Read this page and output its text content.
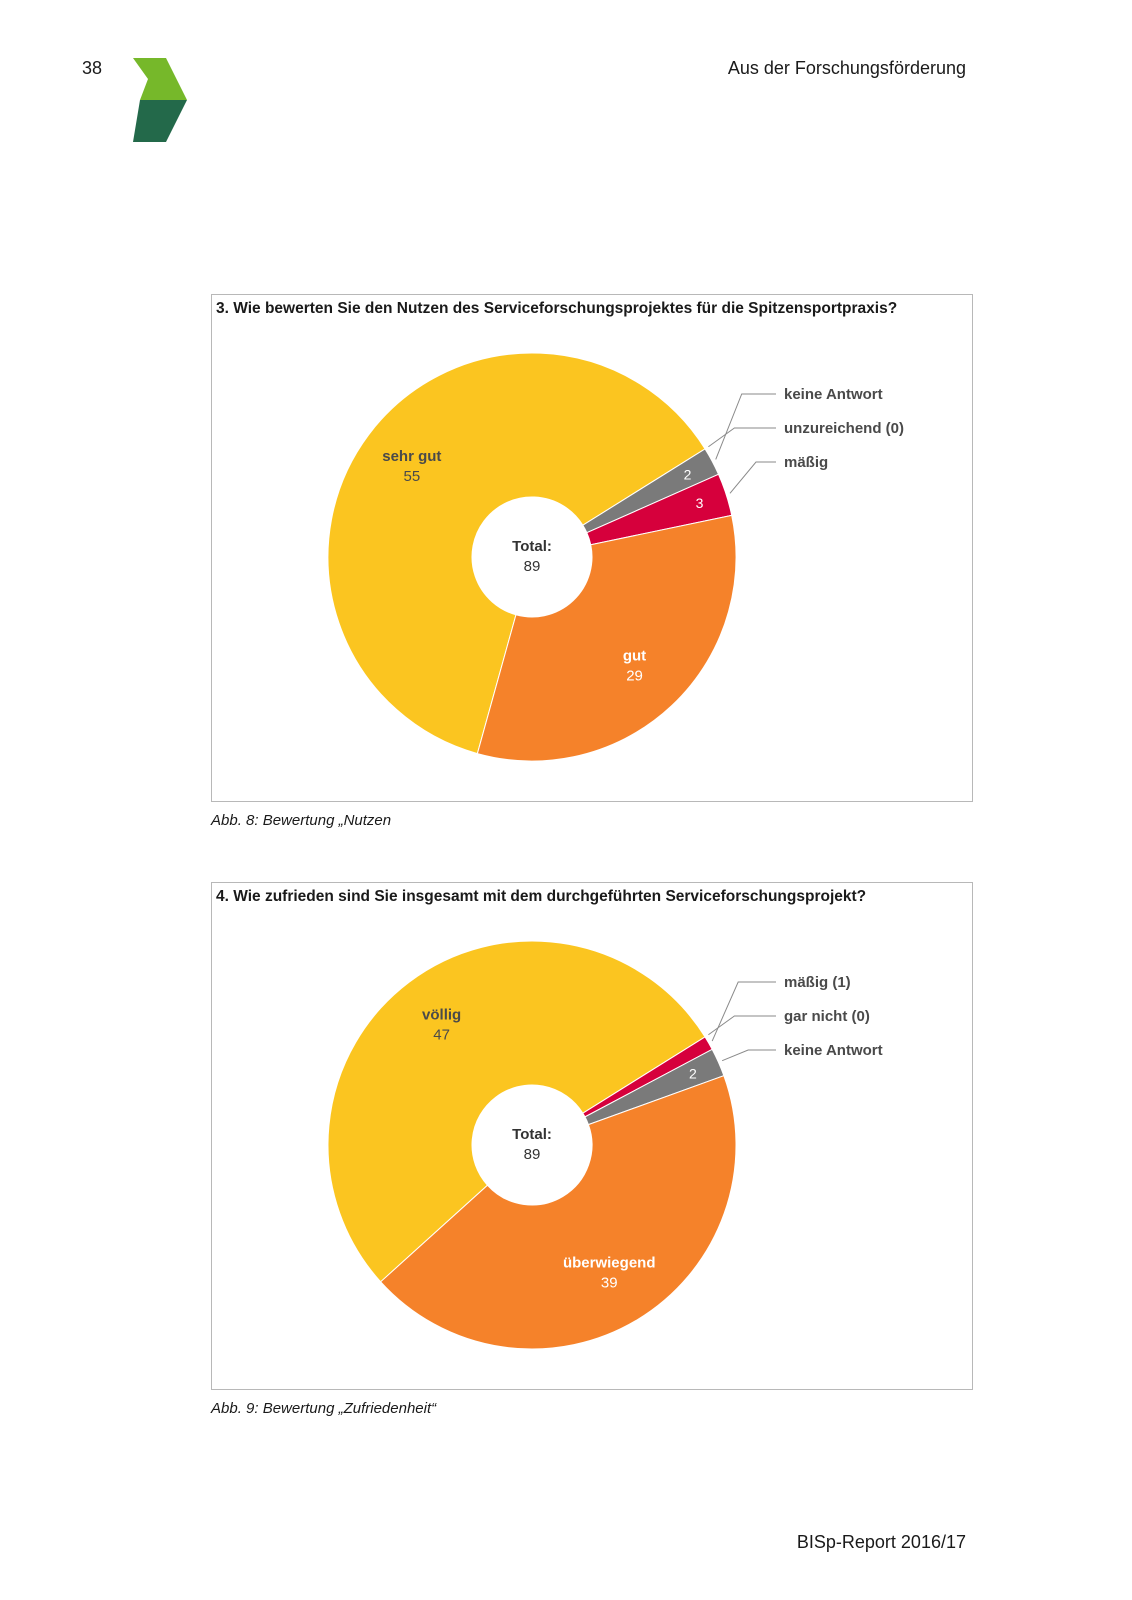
38	Aus der Forschungsförderung
3. Wie bewerten Sie den Nutzen des Serviceforschungsprojektes für die Spitzensportpraxis?
sehr gut
55	2
3
gut
29
keine Antwort
unzureichend (0)
mäßig
Total:
89
Abb. 8: Bewertung „Nutzen
4. Wie zufrieden sind Sie insgesamt mit dem durchgeführten Serviceforschungsprojekt?
völlig
47
2
überwiegend
39
mäßig (1)
gar nicht (0)
keine Antwort
Total:
89
Abb. 9: Bewertung „Zufriedenheit“
BISp-Report 2016/17
